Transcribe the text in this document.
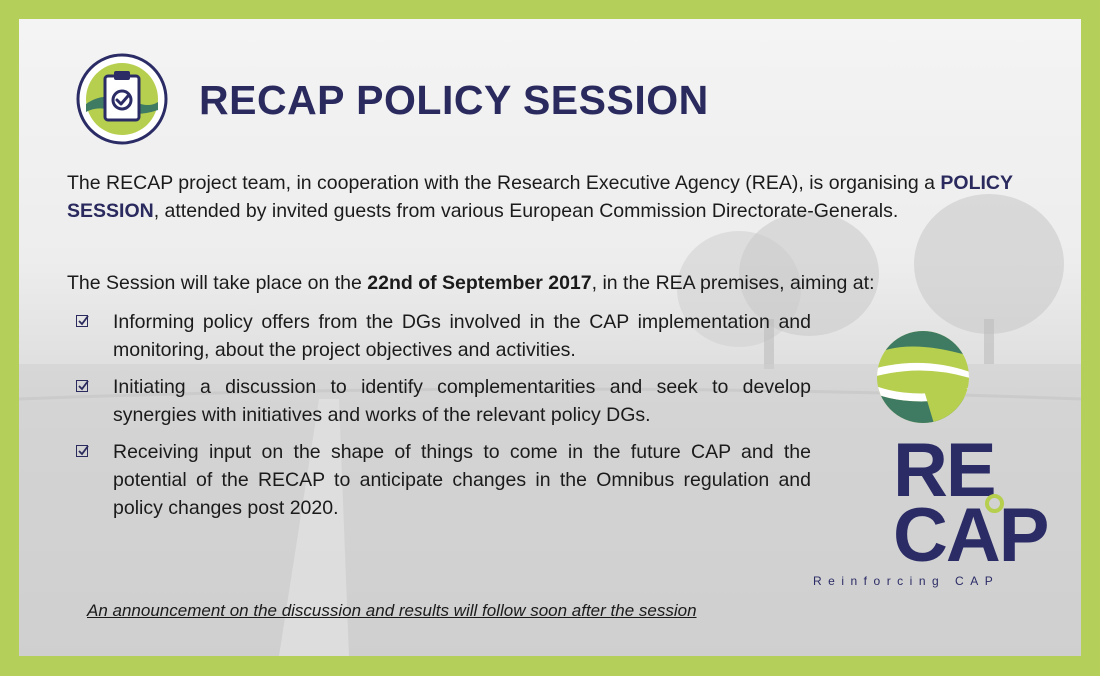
RECAP POLICY SESSION

The RECAP project team, in cooperation with the Research Executive Agency (REA), is organising a POLICY SESSION, attended by invited guests from various European Commission Directorate-Generals.

The Session will take place on the 22nd of September 2017, in the REA premises, aiming at:

Informing policy offers from the DGs involved in the CAP implementation and monitoring, about the project objectives and activities.
Initiating a discussion to identify complementarities and seek to develop synergies with initiatives and works of the relevant policy DGs.
Receiving input on the shape of things to come in the future CAP and the potential of the RECAP to anticipate changes in the Omnibus regulation and policy changes post 2020.

An announcement on the discussion and results will follow soon after the session

RE
CAP
Reinforcing CAP
